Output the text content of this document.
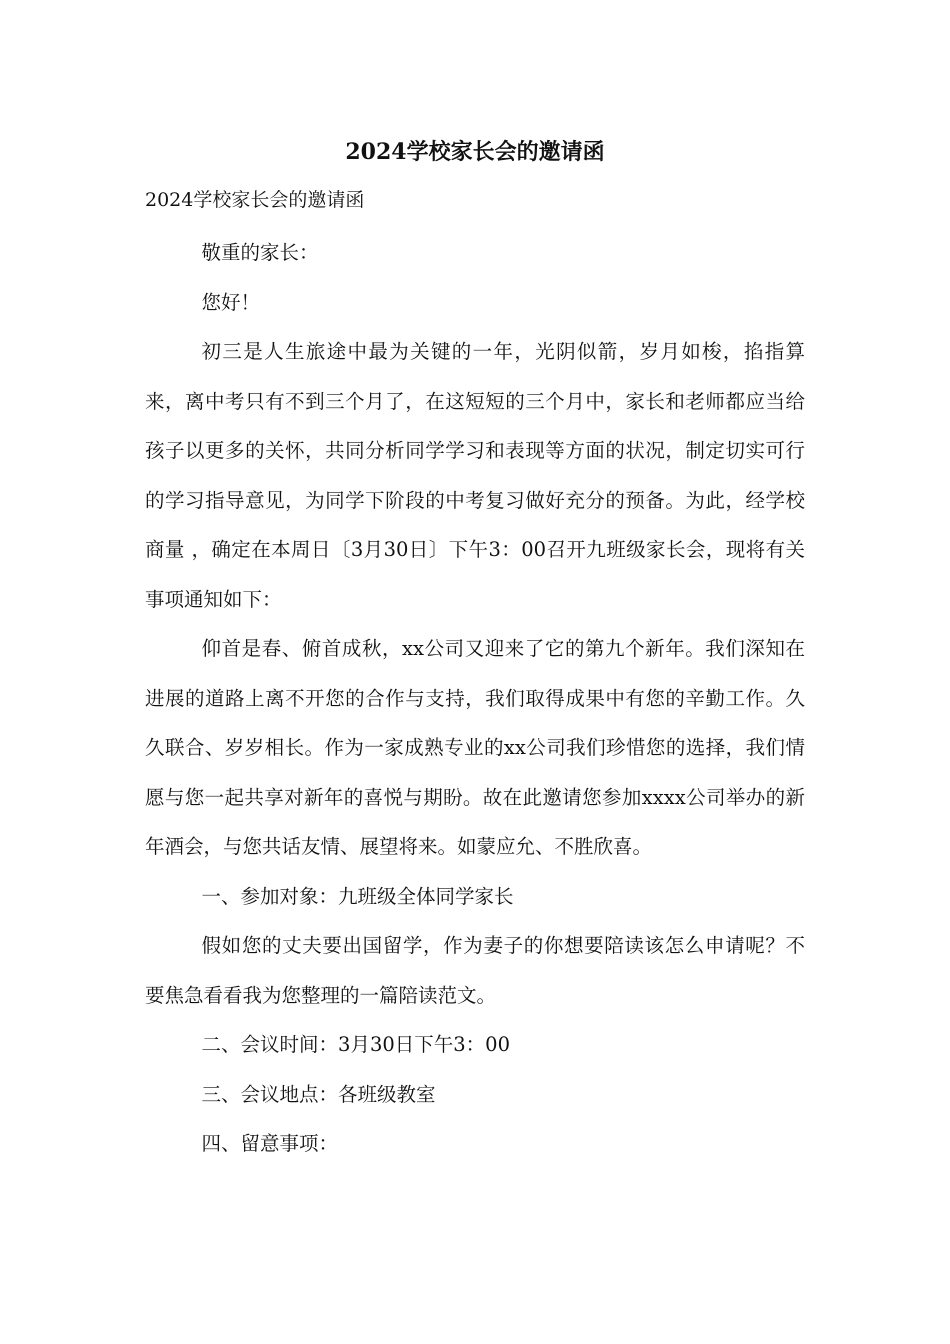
2024学校家长会的邀请函
2024学校家长会的邀请函

敬重的家长：

您好！

初三是人生旅途中最为关键的一年，光阴似箭，岁月如梭，掐指算来，离中考只有不到三个月了，在这短短的三个月中，家长和老师都应当给孩子以更多的关怀，共同分析同学学习和表现等方面的状况，制定切实可行的学习指导意见，为同学下阶段的中考复习做好充分的预备。为此，经学校商量 ，确定在本周日〔3月30日〕下午3：00召开九班级家长会，现将有关事项通知如下：

仰首是春、俯首成秋，xx公司又迎来了它的第九个新年。我们深知在进展的道路上离不开您的合作与支持，我们取得成果中有您的辛勤工作。久久联合、岁岁相长。作为一家成熟专业的xx公司我们珍惜您的选择，我们情愿与您一起共享对新年的喜悦与期盼。故在此邀请您参加xxxx公司举办的新年酒会，与您共话友情、展望将来。如蒙应允、不胜欣喜。

一、参加对象：九班级全体同学家长

假如您的丈夫要出国留学，作为妻子的你想要陪读该怎么申请呢？不要焦急看看我为您整理的一篇陪读范文。

二、会议时间：3月30日下午3：00

三、会议地点：各班级教室

四、留意事项：
